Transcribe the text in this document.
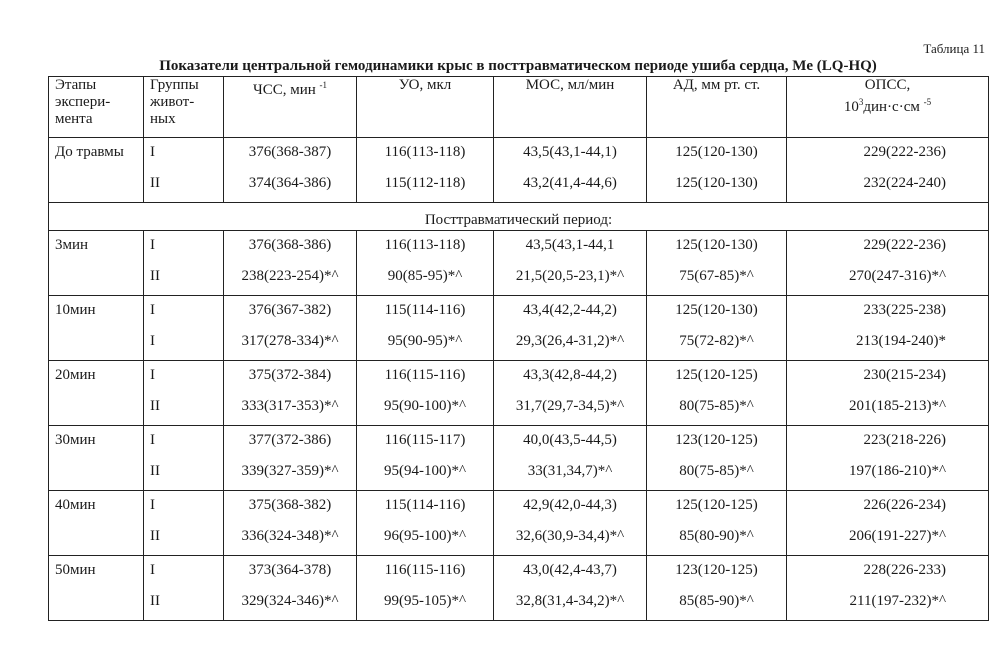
Таблица 11
Показатели центральной гемодинамики крыс в посттравматическом периоде ушиба сердца, Me (LQ-HQ)
Этапы экспери-мента	Группы живот-ных	ЧСС, мин $^{-1}$	УО, мкл	МОС, мл/мин	АД, мм рт. ст.	ОПСС,
$10^3дин\cdot с\cdot см$ $^{-5}$

До травмы	I	376(368-387)	116(113-118)	43,5(43,1-44,1)	125(120-130)	229(222-236)
	II	374(364-386)	115(112-118)	43,2(41,4-44,6)	125(120-130)	232(224-240)

Посттравматический период:						
3мин	I	376(368-386)	116(113-118)	43,5(43,1-44,1	125(120-130)	229(222-236)
	II	238(223-254)*^	90(85-95)*^	21,5(20,5-23,1)*^	75(67-85)*^	270(247-316)*^
10мин	I	376(367-382)	115(114-116)	43,4(42,2-44,2)	125(120-130)	233(225-238)
	I	317(278-334)*^	95(90-95)*^	29,3(26,4-31,2)*^	75(72-82)*^	213(194-240)*
20мин	I	375(372-384)	116(115-116)	43,3(42,8-44,2)	125(120-125)	230(215-234)
	II	333(317-353)*^	95(90-100)*^	31,7(29,7-34,5)*^	80(75-85)*^	201(185-213)*^
30мин	I	377(372-386)	116(115-117)	40,0(43,5-44,5)	123(120-125)	223(218-226)
	II	339(327-359)*^	95(94-100)*^	33(31,34,7)*^	80(75-85)*^	197(186-210)*^
40мин	I	375(368-382)	115(114-116)	42,9(42,0-44,3)	125(120-125)	226(226-234)
	II	336(324-348)*^	96(95-100)*^	32,6(30,9-34,4)*^	85(80-90)*^	206(191-227)*^
50мин	I	373(364-378)	116(115-116)	43,0(42,4-43,7)	123(120-125)	228(226-233)
	II	329(324-346)*^	99(95-105)*^	32,8(31,4-34,2)*^	85(85-90)*^	211(197-232)*^
